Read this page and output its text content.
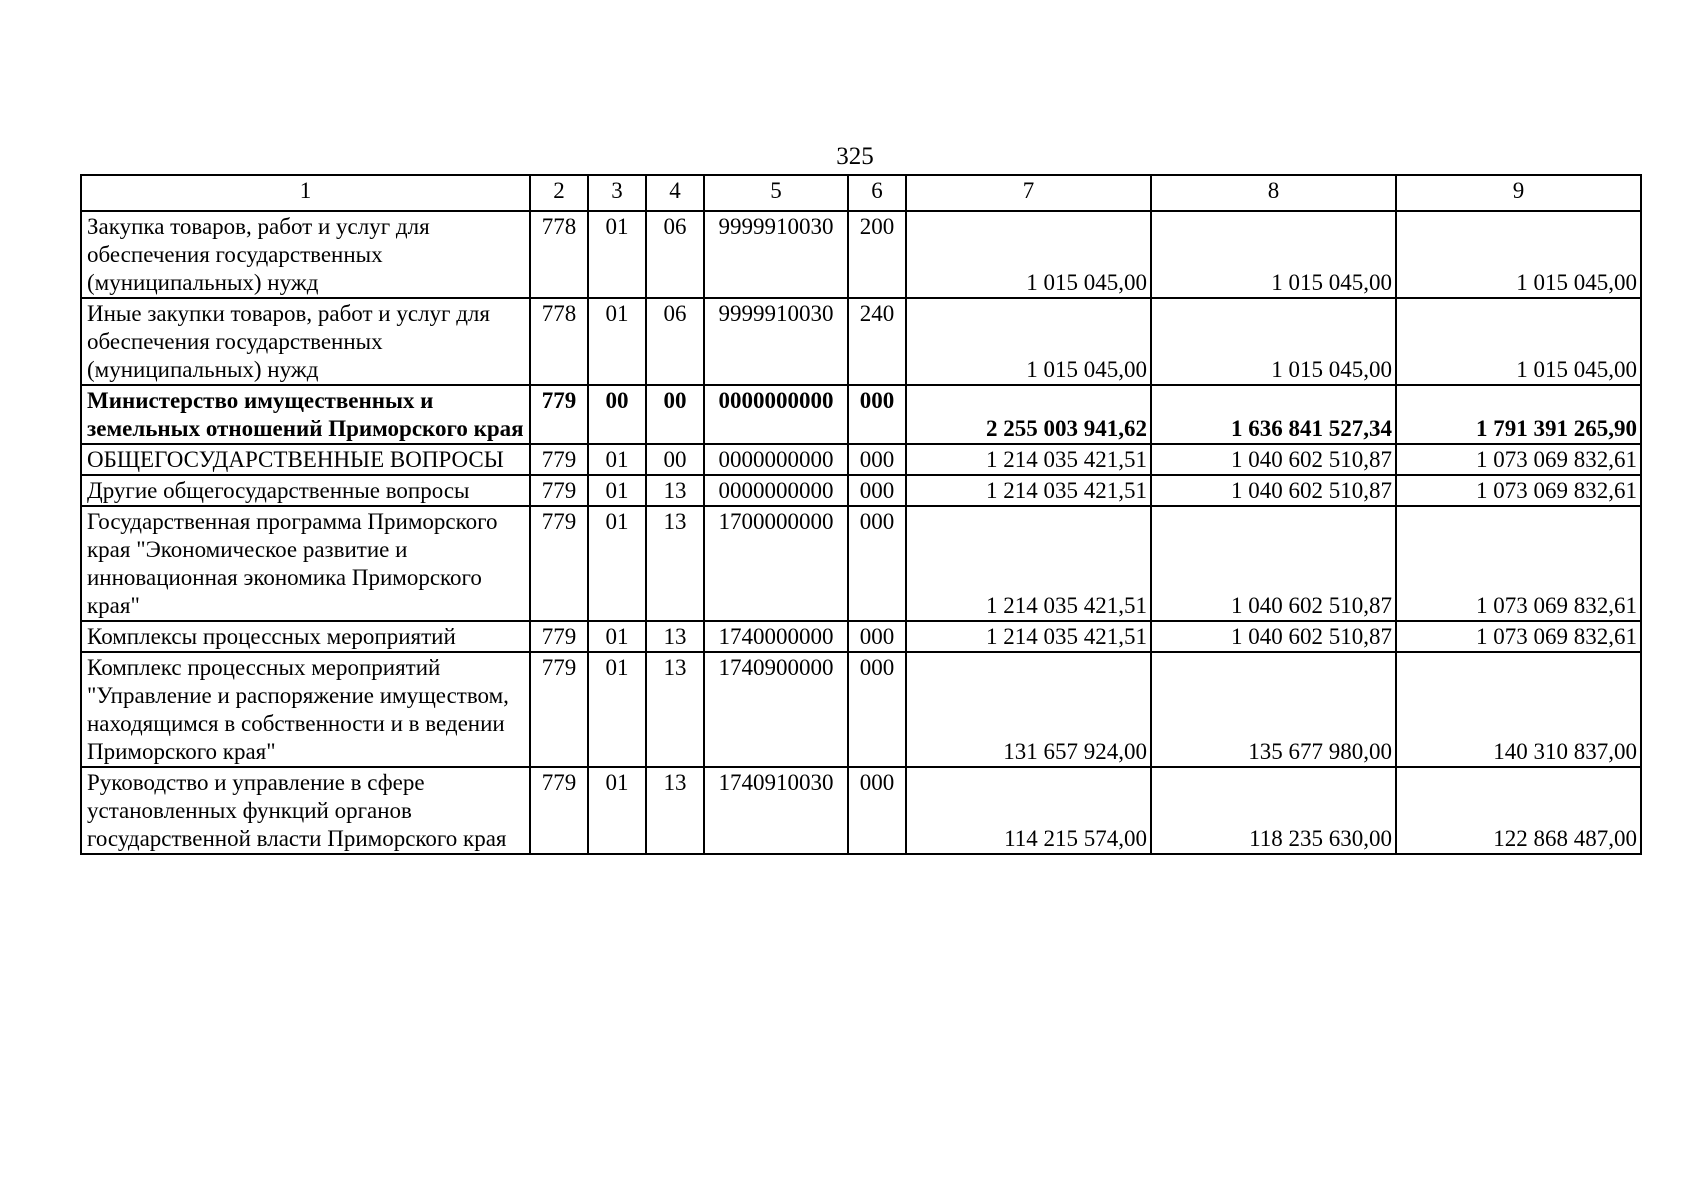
325
1	2	3	4	5	6	7	8	9
Закупка товаров, работ и услуг для обеспечения государственных (муниципальных) нужд	778	01	06	9999910030	200	1 015 045,00	1 015 045,00	1 015 045,00
Иные закупки товаров, работ и услуг для обеспечения государственных (муниципальных) нужд	778	01	06	9999910030	240	1 015 045,00	1 015 045,00	1 015 045,00
Министерство имущественных и земельных отношений Приморского края	779	00	00	0000000000	000	2 255 003 941,62	1 636 841 527,34	1 791 391 265,90
ОБЩЕГОСУДАРСТВЕННЫЕ ВОПРОСЫ	779	01	00	0000000000	000	1 214 035 421,51	1 040 602 510,87	1 073 069 832,61
Другие общегосударственные вопросы	779	01	13	0000000000	000	1 214 035 421,51	1 040 602 510,87	1 073 069 832,61
Государственная программа Приморского края "Экономическое развитие и инновационная экономика Приморского края"	779	01	13	1700000000	000	1 214 035 421,51	1 040 602 510,87	1 073 069 832,61
Комплексы процессных мероприятий	779	01	13	1740000000	000	1 214 035 421,51	1 040 602 510,87	1 073 069 832,61
Комплекс процессных мероприятий "Управление и распоряжение имуществом, находящимся в собственности и в ведении Приморского края"	779	01	13	1740900000	000	131 657 924,00	135 677 980,00	140 310 837,00
Руководство и управление в сфере установленных функций органов государственной власти Приморского края	779	01	13	1740910030	000	114 215 574,00	118 235 630,00	122 868 487,00
